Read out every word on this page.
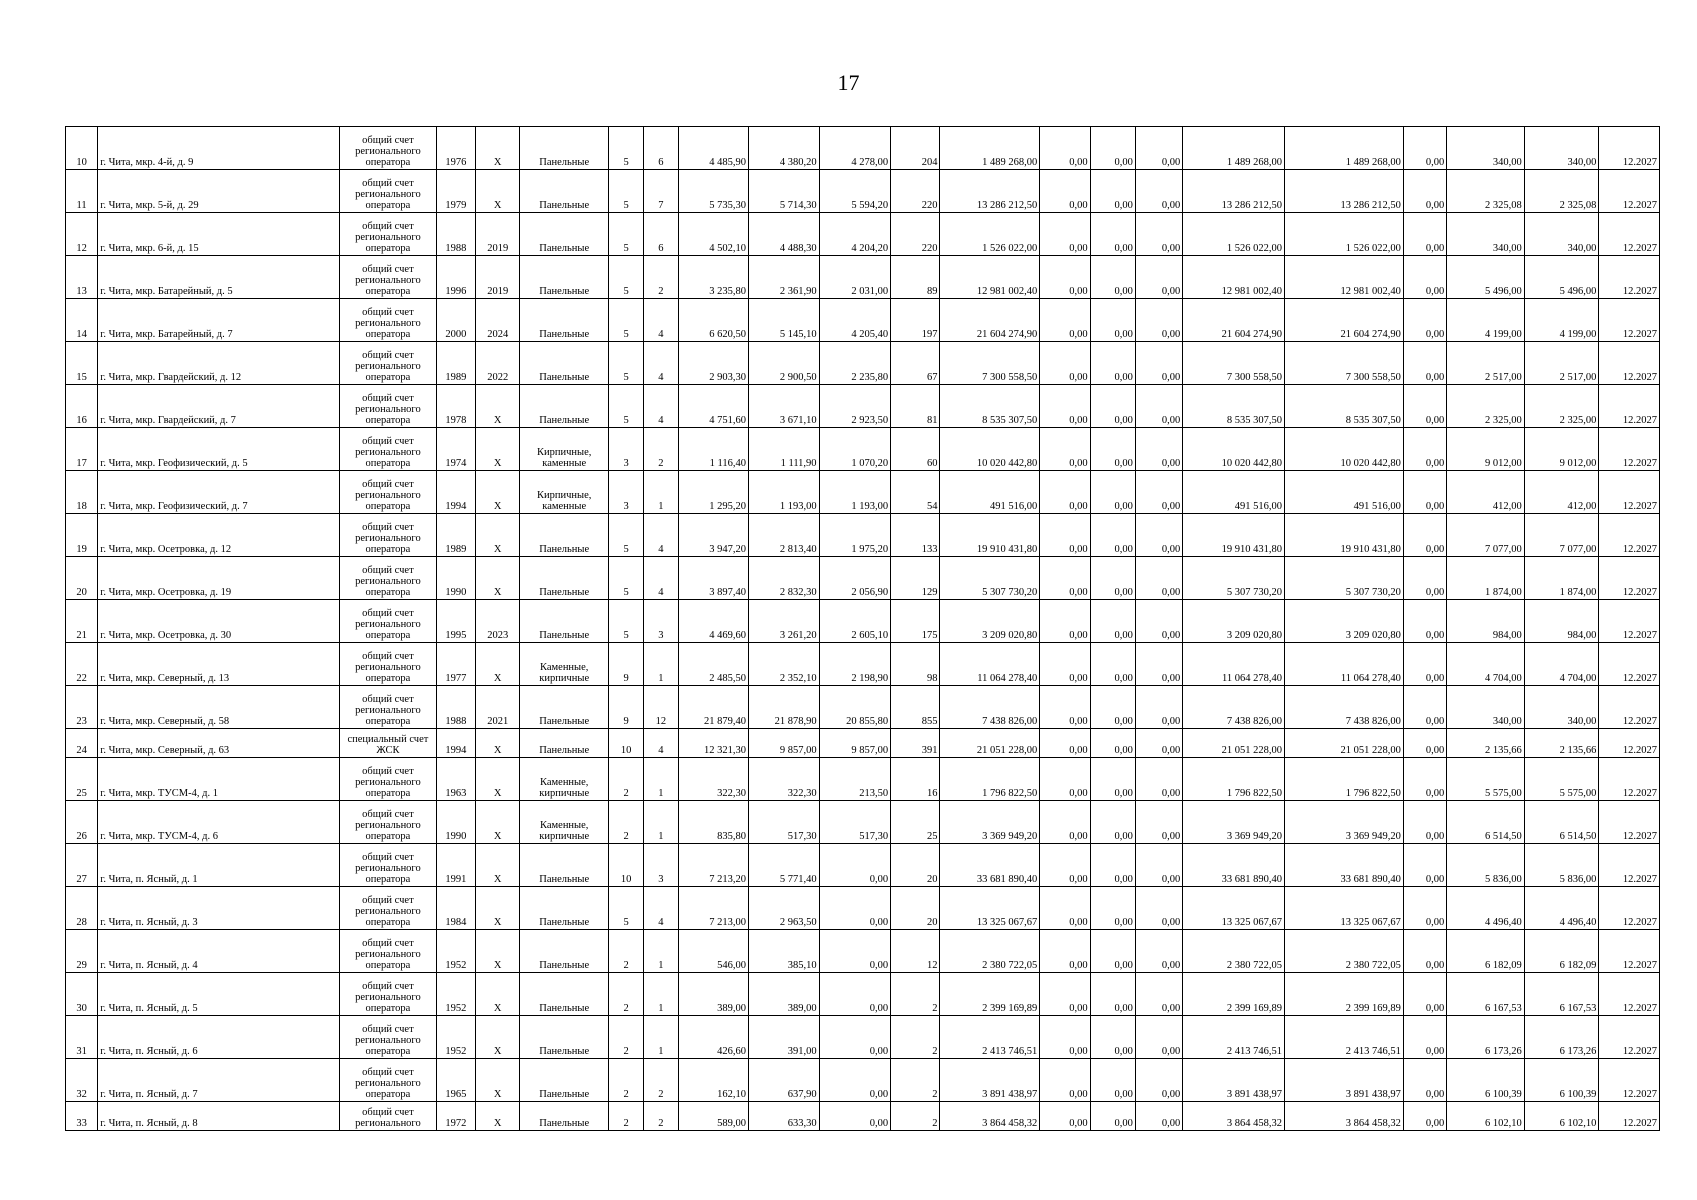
17
10	г. Чита, мкр. 4-й, д. 9	общий счет регионального оператора	1976	Х	Панельные	5	6	4 485,90	4 380,20	4 278,00	204	1 489 268,00	0,00	0,00	0,00	1 489 268,00	1 489 268,00	0,00	340,00	340,00	12.2027
11	г. Чита, мкр. 5-й, д. 29	общий счет регионального оператора	1979	Х	Панельные	5	7	5 735,30	5 714,30	5 594,20	220	13 286 212,50	0,00	0,00	0,00	13 286 212,50	13 286 212,50	0,00	2 325,08	2 325,08	12.2027
12	г. Чита, мкр. 6-й, д. 15	общий счет регионального оператора	1988	2019	Панельные	5	6	4 502,10	4 488,30	4 204,20	220	1 526 022,00	0,00	0,00	0,00	1 526 022,00	1 526 022,00	0,00	340,00	340,00	12.2027
13	г. Чита, мкр. Батарейный, д. 5	общий счет регионального оператора	1996	2019	Панельные	5	2	3 235,80	2 361,90	2 031,00	89	12 981 002,40	0,00	0,00	0,00	12 981 002,40	12 981 002,40	0,00	5 496,00	5 496,00	12.2027
14	г. Чита, мкр. Батарейный, д. 7	общий счет регионального оператора	2000	2024	Панельные	5	4	6 620,50	5 145,10	4 205,40	197	21 604 274,90	0,00	0,00	0,00	21 604 274,90	21 604 274,90	0,00	4 199,00	4 199,00	12.2027
15	г. Чита, мкр. Гвардейский, д. 12	общий счет регионального оператора	1989	2022	Панельные	5	4	2 903,30	2 900,50	2 235,80	67	7 300 558,50	0,00	0,00	0,00	7 300 558,50	7 300 558,50	0,00	2 517,00	2 517,00	12.2027
16	г. Чита, мкр. Гвардейский, д. 7	общий счет регионального оператора	1978	Х	Панельные	5	4	4 751,60	3 671,10	2 923,50	81	8 535 307,50	0,00	0,00	0,00	8 535 307,50	8 535 307,50	0,00	2 325,00	2 325,00	12.2027
17	г. Чита, мкр. Геофизический, д. 5	общий счет регионального оператора	1974	Х	Кирпичные, каменные	3	2	1 116,40	1 111,90	1 070,20	60	10 020 442,80	0,00	0,00	0,00	10 020 442,80	10 020 442,80	0,00	9 012,00	9 012,00	12.2027
18	г. Чита, мкр. Геофизический, д. 7	общий счет регионального оператора	1994	Х	Кирпичные, каменные	3	1	1 295,20	1 193,00	1 193,00	54	491 516,00	0,00	0,00	0,00	491 516,00	491 516,00	0,00	412,00	412,00	12.2027
19	г. Чита, мкр. Осетровка, д. 12	общий счет регионального оператора	1989	Х	Панельные	5	4	3 947,20	2 813,40	1 975,20	133	19 910 431,80	0,00	0,00	0,00	19 910 431,80	19 910 431,80	0,00	7 077,00	7 077,00	12.2027
20	г. Чита, мкр. Осетровка, д. 19	общий счет регионального оператора	1990	Х	Панельные	5	4	3 897,40	2 832,30	2 056,90	129	5 307 730,20	0,00	0,00	0,00	5 307 730,20	5 307 730,20	0,00	1 874,00	1 874,00	12.2027
21	г. Чита, мкр. Осетровка, д. 30	общий счет регионального оператора	1995	2023	Панельные	5	3	4 469,60	3 261,20	2 605,10	175	3 209 020,80	0,00	0,00	0,00	3 209 020,80	3 209 020,80	0,00	984,00	984,00	12.2027
22	г. Чита, мкр. Северный, д. 13	общий счет регионального оператора	1977	Х	Каменные, кирпичные	9	1	2 485,50	2 352,10	2 198,90	98	11 064 278,40	0,00	0,00	0,00	11 064 278,40	11 064 278,40	0,00	4 704,00	4 704,00	12.2027
23	г. Чита, мкр. Северный, д. 58	общий счет регионального оператора	1988	2021	Панельные	9	12	21 879,40	21 878,90	20 855,80	855	7 438 826,00	0,00	0,00	0,00	7 438 826,00	7 438 826,00	0,00	340,00	340,00	12.2027
24	г. Чита, мкр. Северный, д. 63	специальный счет ЖСК	1994	Х	Панельные	10	4	12 321,30	9 857,00	9 857,00	391	21 051 228,00	0,00	0,00	0,00	21 051 228,00	21 051 228,00	0,00	2 135,66	2 135,66	12.2027
25	г. Чита, мкр. ТУСМ-4, д. 1	общий счет регионального оператора	1963	Х	Каменные, кирпичные	2	1	322,30	322,30	213,50	16	1 796 822,50	0,00	0,00	0,00	1 796 822,50	1 796 822,50	0,00	5 575,00	5 575,00	12.2027
26	г. Чита, мкр. ТУСМ-4, д. 6	общий счет регионального оператора	1990	Х	Каменные, кирпичные	2	1	835,80	517,30	517,30	25	3 369 949,20	0,00	0,00	0,00	3 369 949,20	3 369 949,20	0,00	6 514,50	6 514,50	12.2027
27	г. Чита, п. Ясный, д. 1	общий счет регионального оператора	1991	Х	Панельные	10	3	7 213,20	5 771,40	0,00	20	33 681 890,40	0,00	0,00	0,00	33 681 890,40	33 681 890,40	0,00	5 836,00	5 836,00	12.2027
28	г. Чита, п. Ясный, д. 3	общий счет регионального оператора	1984	Х	Панельные	5	4	7 213,00	2 963,50	0,00	20	13 325 067,67	0,00	0,00	0,00	13 325 067,67	13 325 067,67	0,00	4 496,40	4 496,40	12.2027
29	г. Чита, п. Ясный, д. 4	общий счет регионального оператора	1952	Х	Панельные	2	1	546,00	385,10	0,00	12	2 380 722,05	0,00	0,00	0,00	2 380 722,05	2 380 722,05	0,00	6 182,09	6 182,09	12.2027
30	г. Чита, п. Ясный, д. 5	общий счет регионального оператора	1952	Х	Панельные	2	1	389,00	389,00	0,00	2	2 399 169,89	0,00	0,00	0,00	2 399 169,89	2 399 169,89	0,00	6 167,53	6 167,53	12.2027
31	г. Чита, п. Ясный, д. 6	общий счет регионального оператора	1952	Х	Панельные	2	1	426,60	391,00	0,00	2	2 413 746,51	0,00	0,00	0,00	2 413 746,51	2 413 746,51	0,00	6 173,26	6 173,26	12.2027
32	г. Чита, п. Ясный, д. 7	общий счет регионального оператора	1965	Х	Панельные	2	2	162,10	637,90	0,00	2	3 891 438,97	0,00	0,00	0,00	3 891 438,97	3 891 438,97	0,00	6 100,39	6 100,39	12.2027
33	г. Чита, п. Ясный, д. 8	общий счет регионального	1972	Х	Панельные	2	2	589,00	633,30	0,00	2	3 864 458,32	0,00	0,00	0,00	3 864 458,32	3 864 458,32	0,00	6 102,10	6 102,10	12.2027
